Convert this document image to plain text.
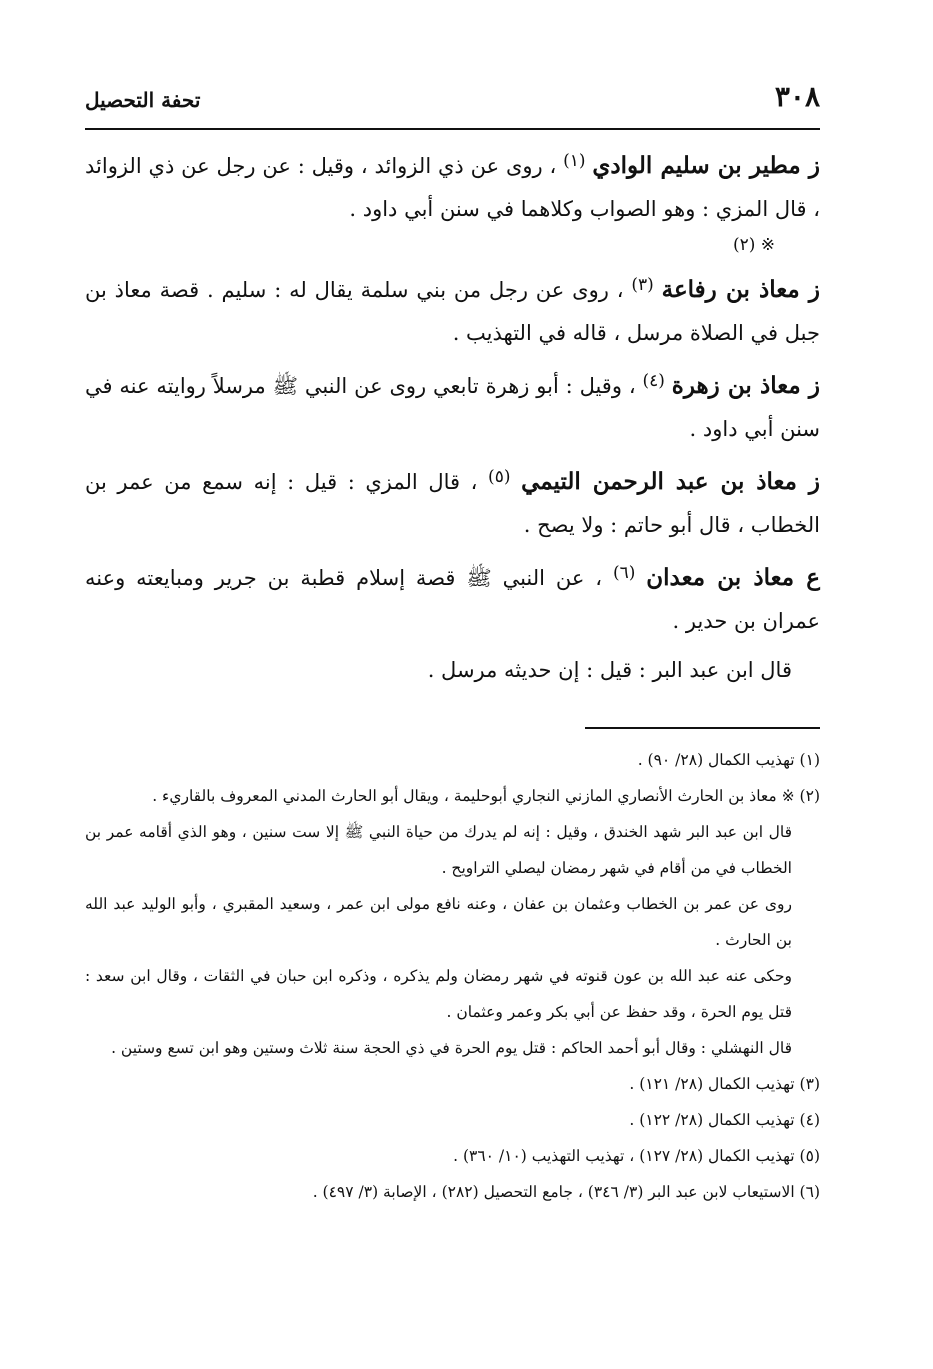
٣٠٨
تحفة التحصيل

ز مطير بن سليم الوادي $^{(١)}$ ، روى عن ذي الزوائد ، وقيل : عن رجل عن ذي الزوائد ، قال المزي : وهو الصواب وكلاهما في سنن أبي داود .
※ (٢)

ز معاذ بن رفاعة $^{(٣)}$ ، روى عن رجل من بني سلمة يقال له : سليم . قصة معاذ بن جبل في الصلاة مرسل ، قاله في التهذيب .

ز معاذ بن زهرة $^{(٤)}$ ، وقيل : أبو زهرة تابعي روى عن النبي ﷺ مرسلاً روايته عنه في سنن أبي داود .

ز معاذ بن عبد الرحمن التيمي $^{(٥)}$ ، قال المزي : قيل : إنه سمع من عمر بن الخطاب ، قال أبو حاتم : ولا يصح .

ع معاذ بن معدان $^{(٦)}$ ، عن النبي ﷺ قصة إسلام قطبة بن جرير ومبايعته وعنه عمران بن حدير .

قال ابن عبد البر : قيل : إن حديثه مرسل .

(١) تهذيب الكمال (٢٨/ ٩٠) .

(٢) ※ معاذ بن الحارث الأنصاري المازني النجاري أبوحليمة ، ويقال أبو الحارث المدني المعروف بالقاريء .

قال ابن عبد البر شهد الخندق ، وقيل : إنه لم يدرك من حياة النبي ﷺ إلا ست سنين ، وهو الذي أقامه عمر بن الخطاب في من أقام في شهر رمضان ليصلي التراويح .

روى عن عمر بن الخطاب وعثمان بن عفان ، وعنه نافع مولى ابن عمر ، وسعيد المقبري ، وأبو الوليد عبد الله بن الحارث .

وحكى عنه عبد الله بن عون قنوته في شهر رمضان ولم يذكره ، وذكره ابن حبان في الثقات ، وقال ابن سعد : قتل يوم الحرة ، وقد حفظ عن أبي بكر وعمر وعثمان .

قال النهشلي : وقال أبو أحمد الحاكم : قتل يوم الحرة في ذي الحجة سنة ثلاث وستين وهو ابن تسع وستين .

(٣) تهذيب الكمال (٢٨/ ١٢١) .

(٤) تهذيب الكمال (٢٨/ ١٢٢) .

(٥) تهذيب الكمال (٢٨/ ١٢٧) ، تهذيب التهذيب (١٠/ ٣٦٠) .

(٦) الاستيعاب لابن عبد البر (٣/ ٣٤٦) ، جامع التحصيل (٢٨٢) ، الإصابة (٣/ ٤٩٧) .
